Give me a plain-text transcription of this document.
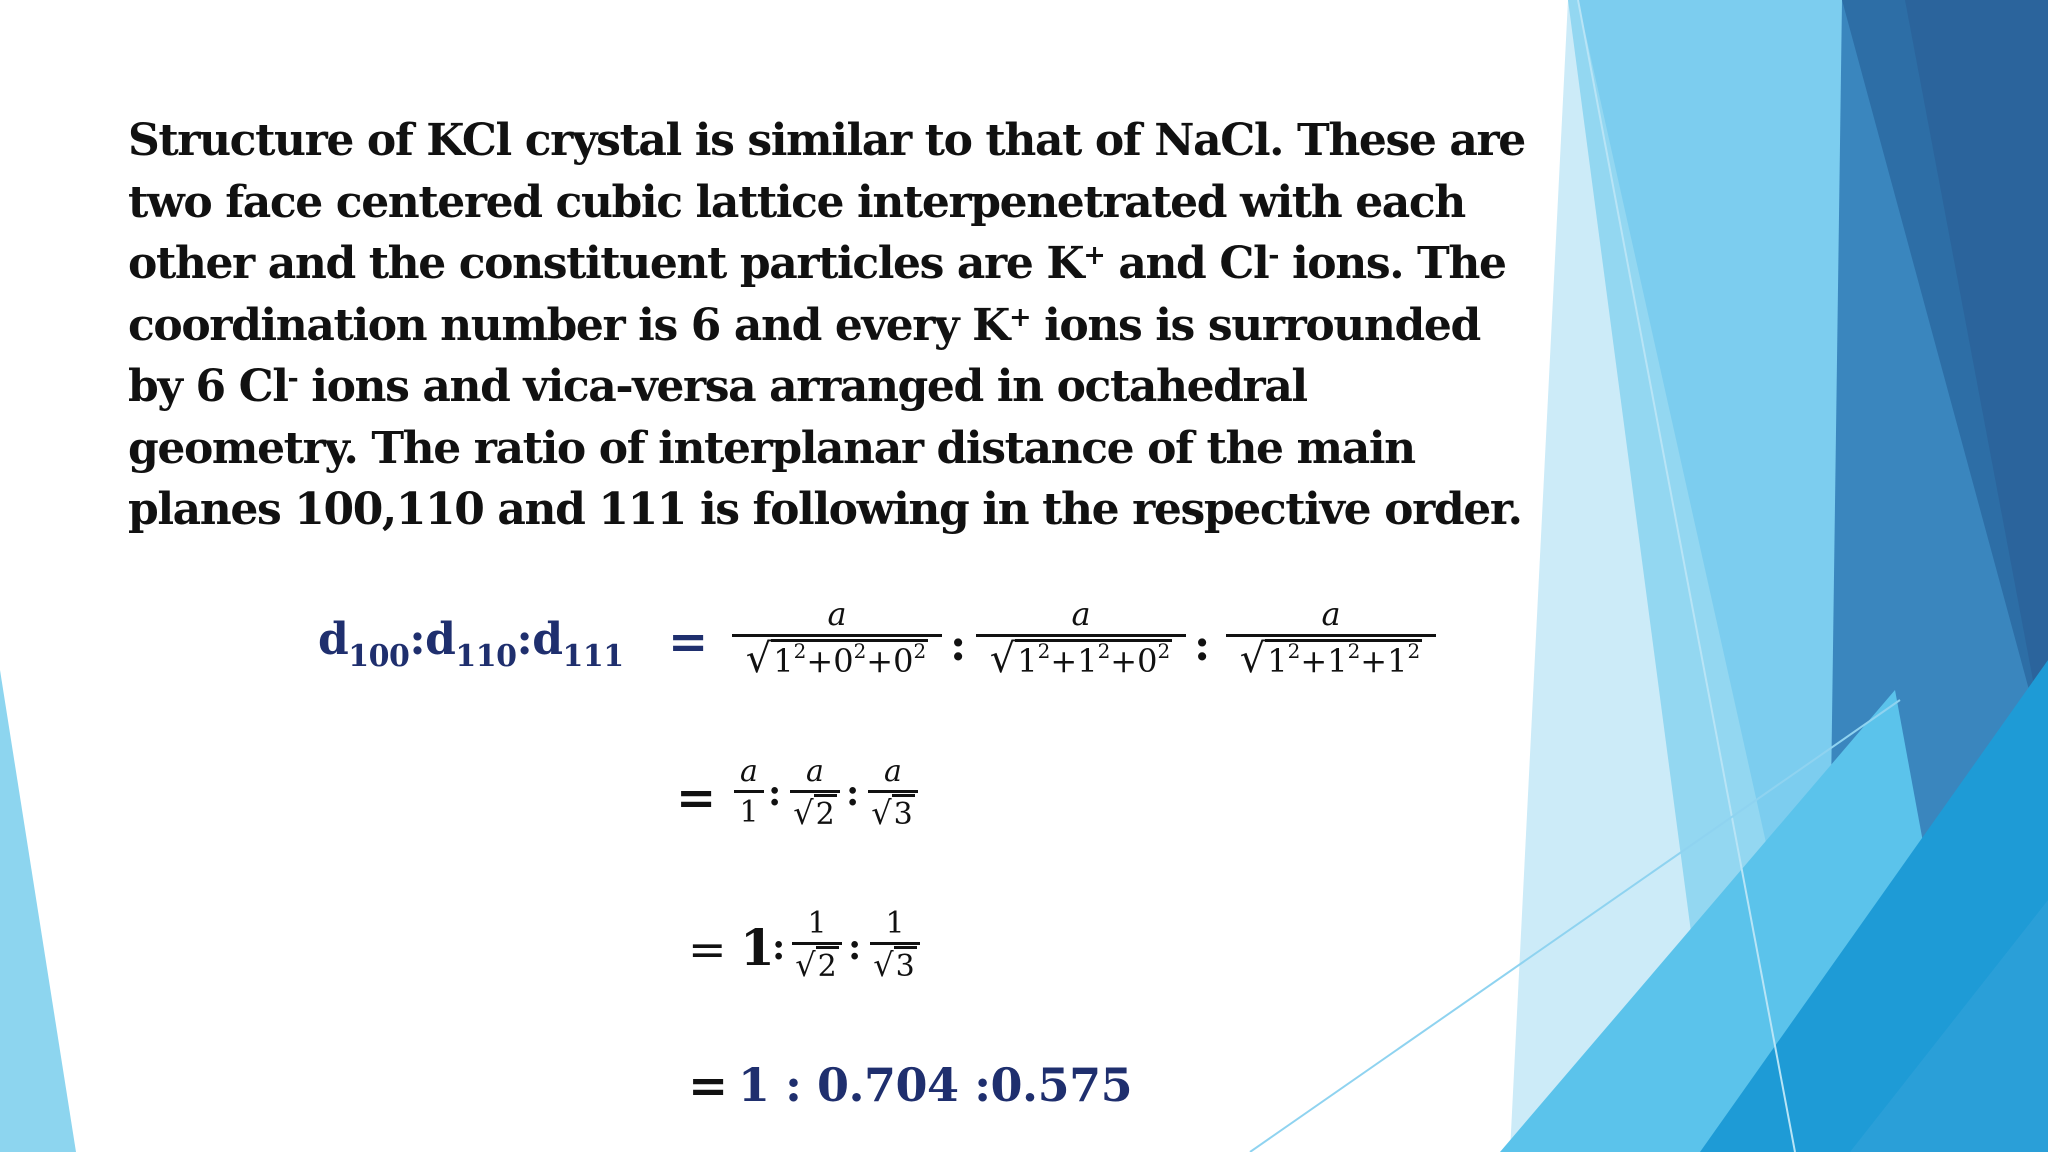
Structure of KCl crystal is similar to that of NaCl. These are two face centered cubic lattice interpenetrated with each other and the constituent particles are K+ and Cl- ions. The coordination number is 6 and every K+ ions is surrounded by 6 Cl- ions and vica-versa arranged in octahedral geometry. The ratio of interplanar distance of the main planes 100,110 and 111 is following in the respective order.
$d_{100}:d_{110}:d_{111}$ =	a
$√1^2+0^2+0^2$ :
a
$√1^2+1^2+0^2$ :
a
$√1^2+1^2+1^2$
= a
1 :
a
√2
:
a
√3
= 1
:
1
√2 :
1
√3
= 1 : 0.704 :0.575
